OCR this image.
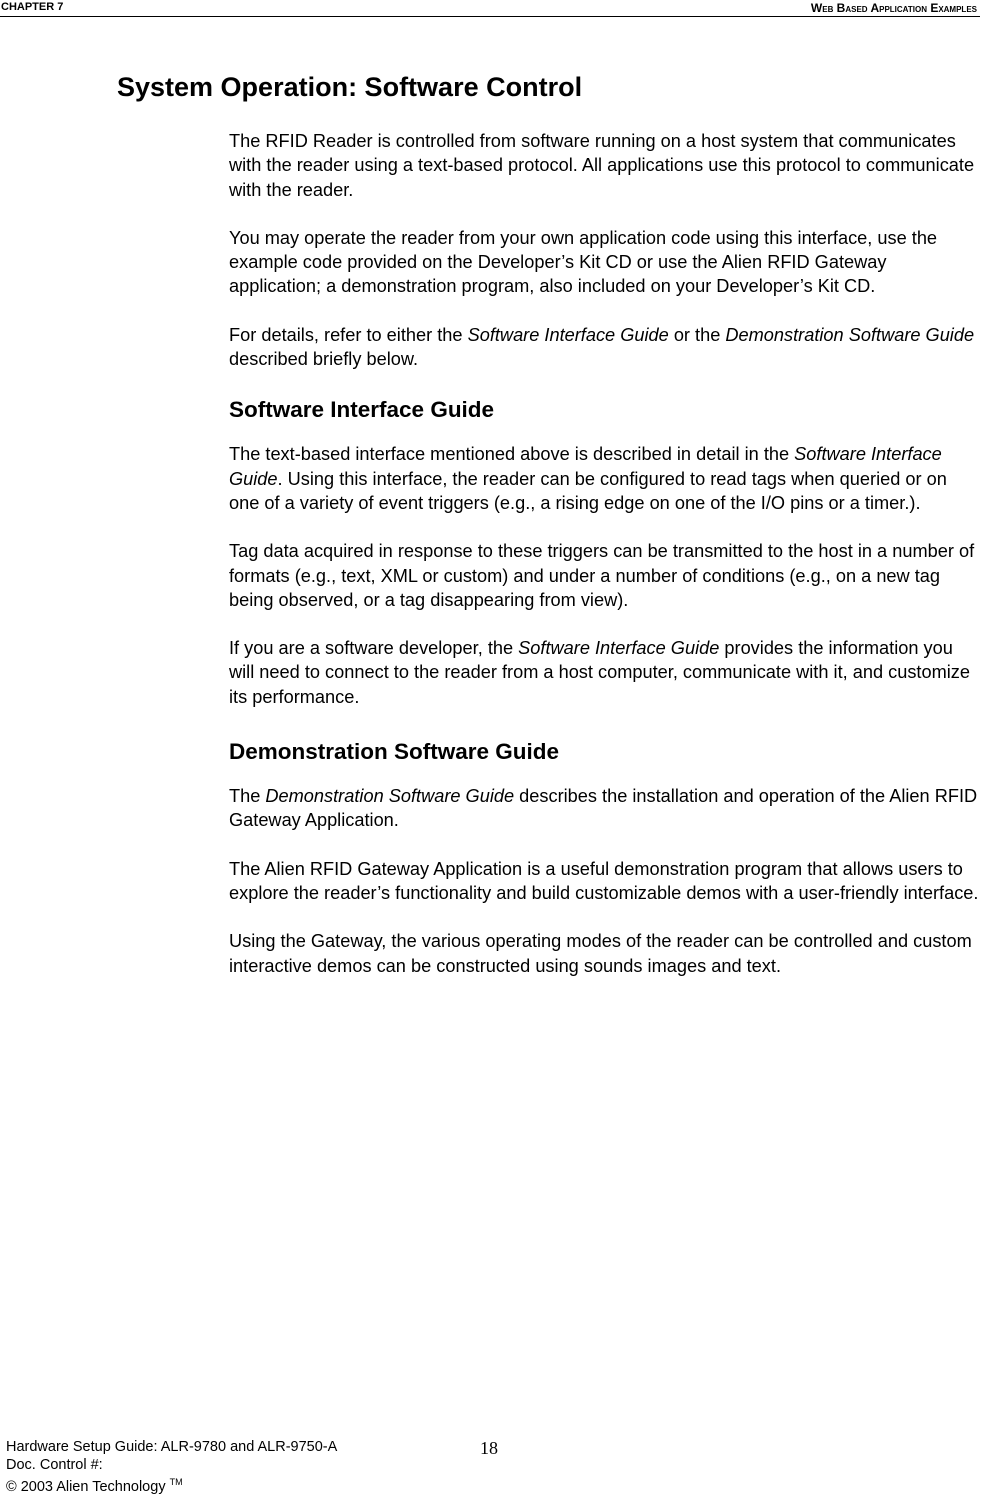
CHAPTER 7	Web Based Application Examples
System Operation: Software Control

The RFID Reader is controlled from software running on a host system that communicates with the reader using a text-based protocol. All applications use this protocol to communicate with the reader.

You may operate the reader from your own application code using this interface, use the example code provided on the Developer’s Kit CD or use the Alien RFID Gateway application; a demonstration program, also included on your Developer’s Kit CD.

For details, refer to either the Software Interface Guide or the Demonstration Software Guide described briefly below.

Software Interface Guide

The text-based interface mentioned above is described in detail in the Software Interface Guide. Using this interface, the reader can be configured to read tags when queried or on one of a variety of event triggers (e.g., a rising edge on one of the I/O pins or a timer.).

Tag data acquired in response to these triggers can be transmitted to the host in a number of formats (e.g., text, XML or custom) and under a number of conditions (e.g., on a new tag being observed, or a tag disappearing from view).

If you are a software developer, the Software Interface Guide provides the information you will need to connect to the reader from a host computer, communicate with it, and customize its performance.

Demonstration Software Guide

The Demonstration Software Guide describes the installation and operation of the Alien RFID Gateway Application.

The Alien RFID Gateway Application is a useful demonstration program that allows users to explore the reader’s functionality and build customizable demos with a user-friendly interface.

Using the Gateway, the various operating modes of the reader can be controlled and custom interactive demos can be constructed using sounds images and text.

Hardware Setup Guide: ALR-9780 and ALR-9750-A
Doc. Control #:
© 2003 Alien Technology ™
18
